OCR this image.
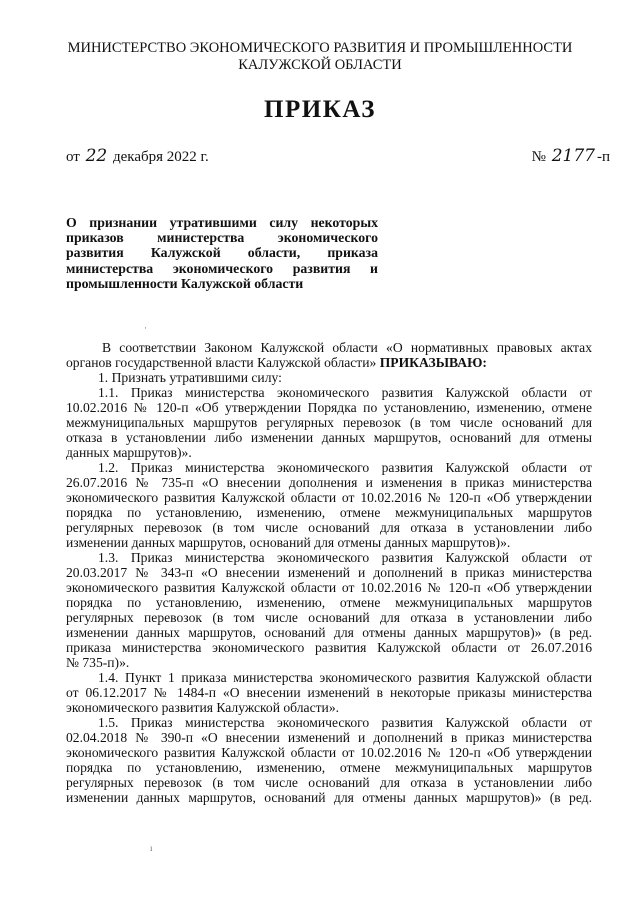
МИНИСТЕРСТВО ЭКОНОМИЧЕСКОГО РАЗВИТИЯ И ПРОМЫШЛЕННОСТИ
КАЛУЖСКОЙ ОБЛАСТИ
ПРИКАЗ
от 22 декабря 2022 г.	№ 2177 -п
О признании утратившими силу некоторых
приказов министерства экономического
развития Калужской области, приказа
министерства экономического развития и
промышленности Калужской области
·
В соответствии Законом Калужской области «О нормативных правовых актах
органов государственной власти Калужской области» ПРИКАЗЫВАЮ:
1. Признать утратившими силу:
1.1. Приказ министерства экономического развития Калужской области от
10.02.2016 № 120-п «Об утверждении Порядка по установлению, изменению, отмене
межмуниципальных маршрутов регулярных перевозок (в том числе оснований для
отказа в установлении либо изменении данных маршрутов, оснований для отмены
данных маршрутов)».
1.2. Приказ министерства экономического развития Калужской области от
26.07.2016 № 735-п «О внесении дополнения и изменения в приказ министерства
экономического развития Калужской области от 10.02.2016 № 120-п «Об утверждении
порядка по установлению, изменению, отмене межмуниципальных маршрутов
регулярных перевозок (в том числе оснований для отказа в установлении либо
изменении данных маршрутов, оснований для отмены данных маршрутов)».
1.3. Приказ министерства экономического развития Калужской области от
20.03.2017 № 343-п «О внесении изменений и дополнений в приказ министерства
экономического развития Калужской области от 10.02.2016 № 120-п «Об утверждении
порядка по установлению, изменению, отмене межмуниципальных маршрутов
регулярных перевозок (в том числе оснований для отказа в установлении либо
изменении данных маршрутов, оснований для отмены данных маршрутов)» (в ред.
приказа министерства экономического развития Калужской области от 26.07.2016
№ 735-п)».
1.4. Пункт 1 приказа министерства экономического развития Калужской области
от 06.12.2017 № 1484-п «О внесении изменений в некоторые приказы министерства
экономического развития Калужской области».
1.5. Приказ министерства экономического развития Калужской области от
02.04.2018 № 390-п «О внесении изменений и дополнений в приказ министерства
экономического развития Калужской области от 10.02.2016 № 120-п «Об утверждении
порядка по установлению, изменению, отмене межмуниципальных маршрутов
регулярных перевозок (в том числе оснований для отказа в установлении либо
изменении данных маршрутов, оснований для отмены данных маршрутов)» (в ред.
ı
